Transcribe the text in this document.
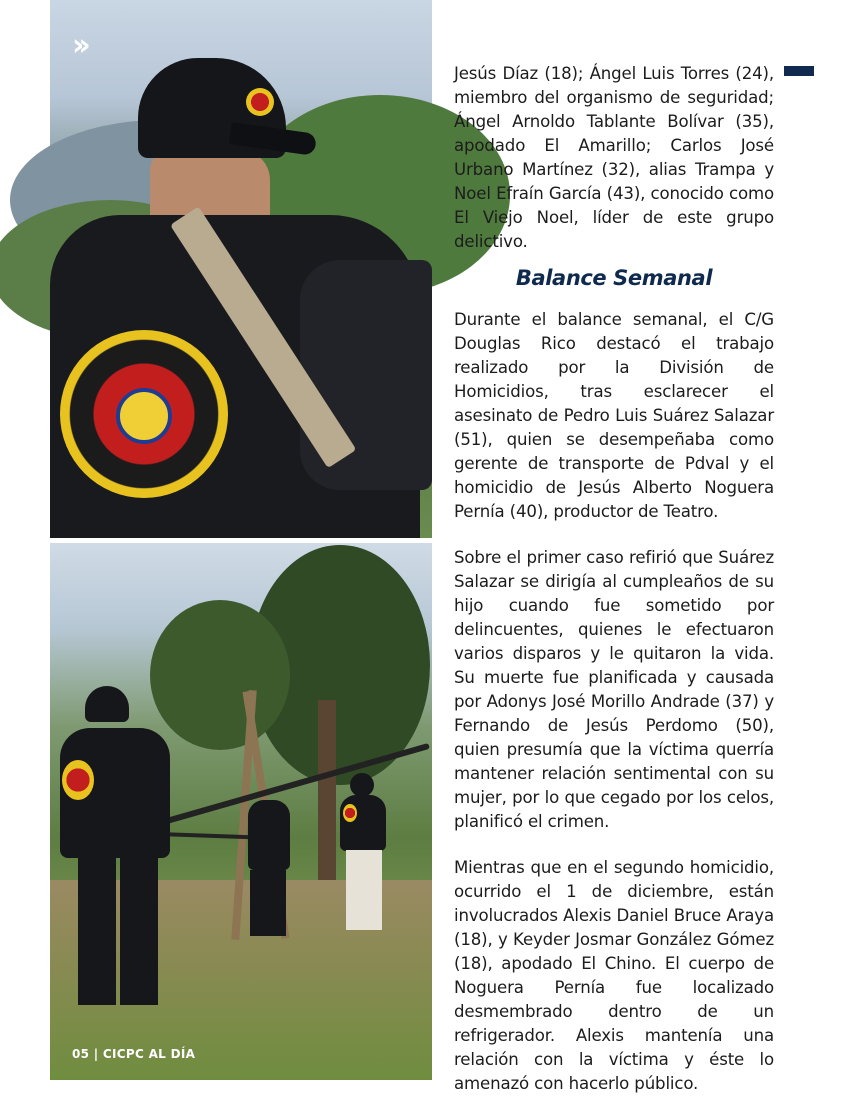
››
05 | CICPC AL DÍA

Jesús Díaz (18); Ángel Luis Torres (24), miembro del organismo de seguridad; Ángel Arnoldo Tablante Bolívar (35), apodado El Amarillo; Carlos José Urbano Martínez (32), alias Trampa y Noel Efraín García (43), conocido como El Viejo Noel, líder de este grupo delictivo.

Balance Semanal

Durante el balance semanal, el C/G Douglas Rico destacó el trabajo realizado por la División de Homicidios, tras esclarecer el asesinato de Pedro Luis Suárez Salazar (51), quien se desempeñaba como gerente de transporte de Pdval y el homicidio de Jesús Alberto Noguera Pernía (40), productor de Teatro.

Sobre el primer caso refirió que Suárez Salazar se dirigía al cumpleaños de su hijo cuando fue sometido por delincuentes, quienes le efectuaron varios disparos y le quitaron la vida. Su muerte fue planificada y causada por Adonys José Morillo Andrade (37) y Fernando de Jesús Perdomo (50), quien presumía que la víctima querría mantener relación sentimental con su mujer, por lo que cegado por los celos, planificó el crimen.

Mientras que en el segundo homicidio, ocurrido el 1 de diciembre, están involucrados Alexis Daniel Bruce Araya (18), y Keyder Josmar González Gómez (18), apodado El Chino. El cuerpo de Noguera Pernía fue localizado desmembrado dentro de un refrigerador. Alexis mantenía una relación con la víctima y éste lo amenazó con hacerlo público.
